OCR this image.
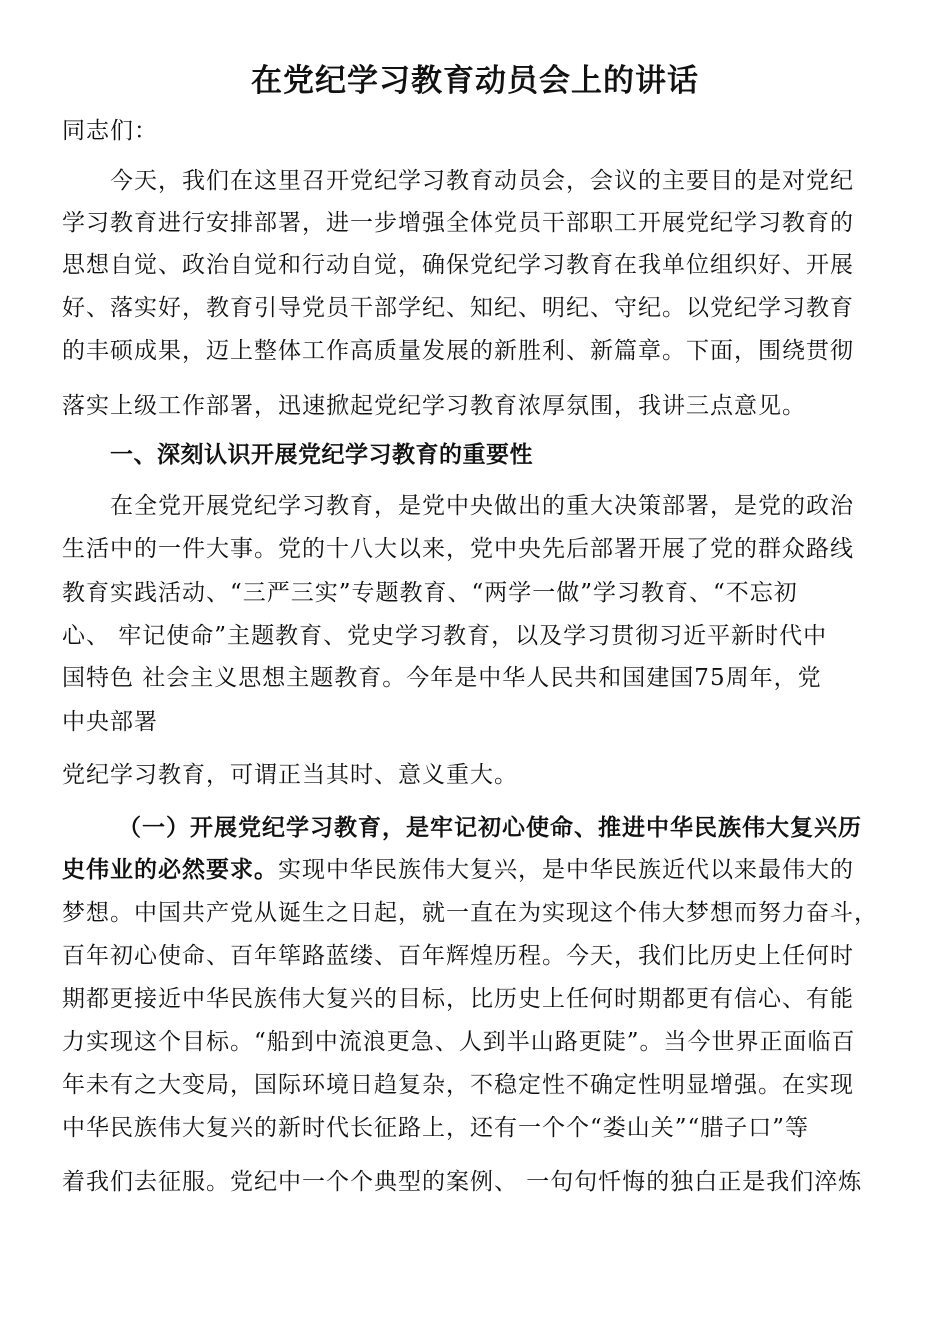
在党纪学习教育动员会上的讲话
同志们：
今天，我们在这里召开党纪学习教育动员会，会议的主要目的是对党纪
学习教育进行安排部署，进一步增强全体党员干部职工开展党纪学习教育的
思想自觉、政治自觉和行动自觉，确保党纪学习教育在我单位组织好、开展
好、落实好，教育引导党员干部学纪、知纪、明纪、守纪。以党纪学习教育
的丰硕成果，迈上整体工作高质量发展的新胜利、新篇章。下面，围绕贯彻
落实上级工作部署，迅速掀起党纪学习教育浓厚氛围，我讲三点意见。
一、深刻认识开展党纪学习教育的重要性
在全党开展党纪学习教育，是党中央做出的重大决策部署，是党的政治
生活中的一件大事。党的十八大以来，党中央先后部署开展了党的群众路线
教育实践活动、“三严三实”专题教育、“两学一做”学习教育、“不忘初
心、 牢记使命”主题教育、党史学习教育，以及学习贯彻习近平新时代中
国特色 社会主义思想主题教育。今年是中华人民共和国建国75周年，党
中央部署
党纪学习教育，可谓正当其时、意义重大。
（一）开展党纪学习教育，是牢记初心使命、推进中华民族伟大复兴历
史伟业的必然要求。实现中华民族伟大复兴，是中华民族近代以来最伟大的
梦想。中国共产党从诞生之日起，就一直在为实现这个伟大梦想而努力奋斗，
百年初心使命、百年筚路蓝缕、百年辉煌历程。今天，我们比历史上任何时
期都更接近中华民族伟大复兴的目标，比历史上任何时期都更有信心、有能
力实现这个目标。“船到中流浪更急、人到半山路更陡”。当今世界正面临百
年未有之大变局，国际环境日趋复杂，不稳定性不确定性明显增强。在实现
中华民族伟大复兴的新时代长征路上，还有一个个“娄山关”“腊子口”等
着我们去征服。党纪中一个个典型的案例、 一句句忏悔的独白正是我们淬炼
